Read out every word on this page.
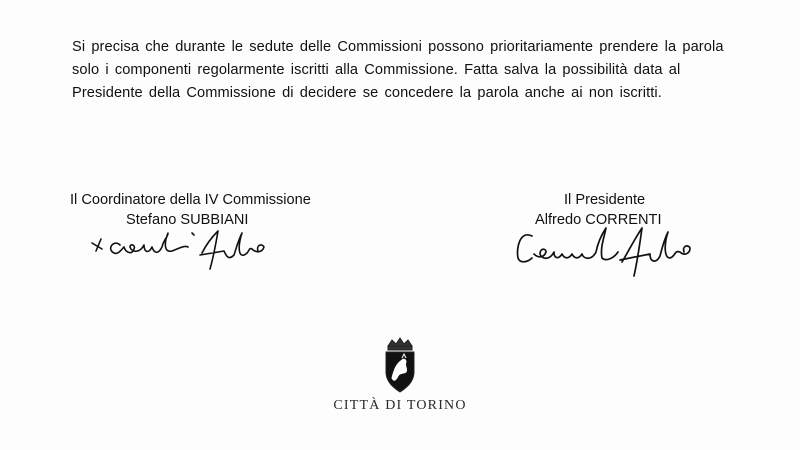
Si precisa che durante le sedute delle Commissioni possono prioritariamente prendere la parola solo i componenti regolarmente iscritti alla Commissione. Fatta salva la possibilità data al Presidente della Commissione di decidere se concedere la parola anche ai non iscritti.

Il Coordinatore della IV Commissione
Stefano SUBBIANI
Il Presidente
Alfredo CORRENTI
CITTÀ DI TORINO
